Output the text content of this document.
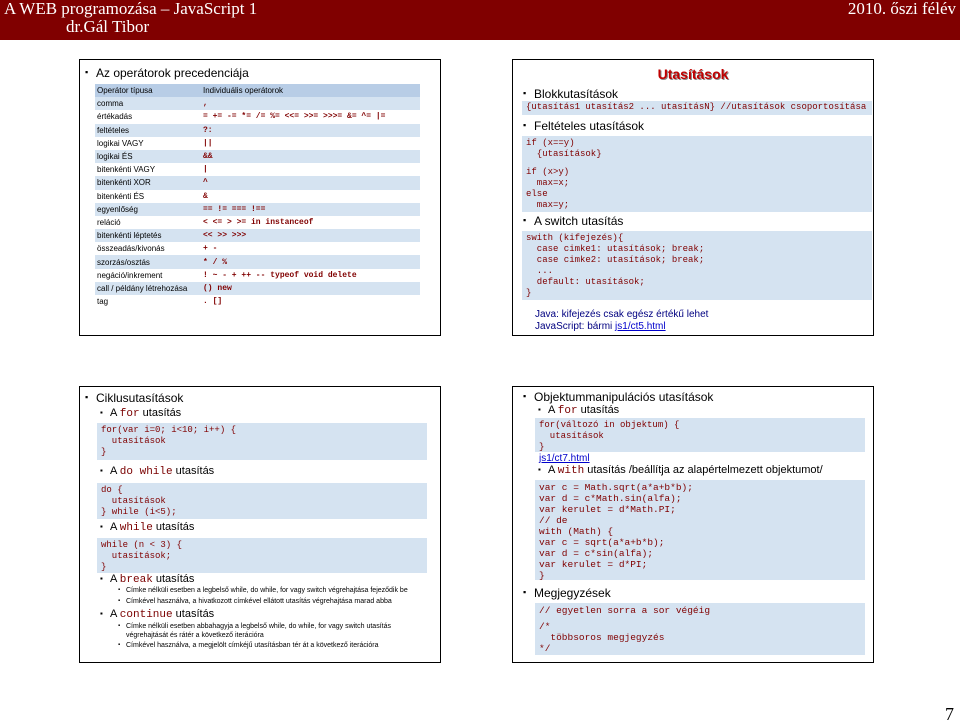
A WEB programozása – JavaScript 1
dr.Gál Tibor
2010. őszi félév
▪ Az operátorok precedenciája
Operátor típusa	Individuális operátorok
comma	,
értékadás	= += -= *= /= %= <<= >>= >>>= &= ^= |=
feltételes	?:
logikai VAGY	||
logikai ÉS	&&
bitenkénti VAGY	|
bitenkénti XOR	^
bitenkénti ÉS	&
egyenlőség	== != === !==
reláció	< <= > >= in instanceof
bitenkénti léptetés	<< >> >>>
összeadás/kivonás	+ -
szorzás/osztás	* / %
negáció/inkrement	! ~ - + ++ -- typeof void delete
call / példány létrehozása	() new
tag	. []
Utasítások
▪ Blokkutasítások
{utasítás1 utasítás2 ... utasításN} //utasítások csoportosítása
▪ Feltételes utasítások
if (x==y)
{utasítások}
if (x>y)
max=x;
else
max=y;
▪ A switch utasítás
swith (kifejezés){
case cimke1: utasítások; break;
case cimke2: utasítások; break;
...
default: utasítások;
}
Java: kifejezés csak egész értékű lehet
JavaScript: bármi js1/ct5.html
▪ Ciklusutasítások
▪ A for utasítás
for(var i=0; i<10; i++) {
utasítások
}
▪ A do while utasítás
do {
utasítások
} while (i<5);
▪ A while utasítás
while (n < 3) {
utasítások;
}
▪ A break utasítás
▪ Címke nélküli esetben a legbelső while, do while, for vagy switch végrehajtása fejeződik be
▪ Címkével használva, a hivatkozott címkével ellátott utasítás végrehajtása marad abba
▪ A continue utasítás
▪ Címke nélküli esetben abbahagyja a legbelső while, do while, for vagy switch utasítás
végrehajtását és rátér a következő iterációra
▪ Címkével használva, a megjelölt címkéjű utasításban tér át a következő iterációra
▪ Objektummanipulációs utasítások
▪ A for utasítás
for(változó in objektum) {
utasítások
}
js1/ct7.html
▪ A with utasítás /beállítja az alapértelmezett objektumot/
var c = Math.sqrt(a*a+b*b);
var d = c*Math.sin(alfa);
var kerulet = d*Math.PI;
// de
with (Math) {
var c = sqrt(a*a+b*b);
var d = c*sin(alfa);
var kerulet = d*PI;
}
▪ Megjegyzések
// egyetlen sorra a sor végéig
/*
többsoros megjegyzés
*/
7
